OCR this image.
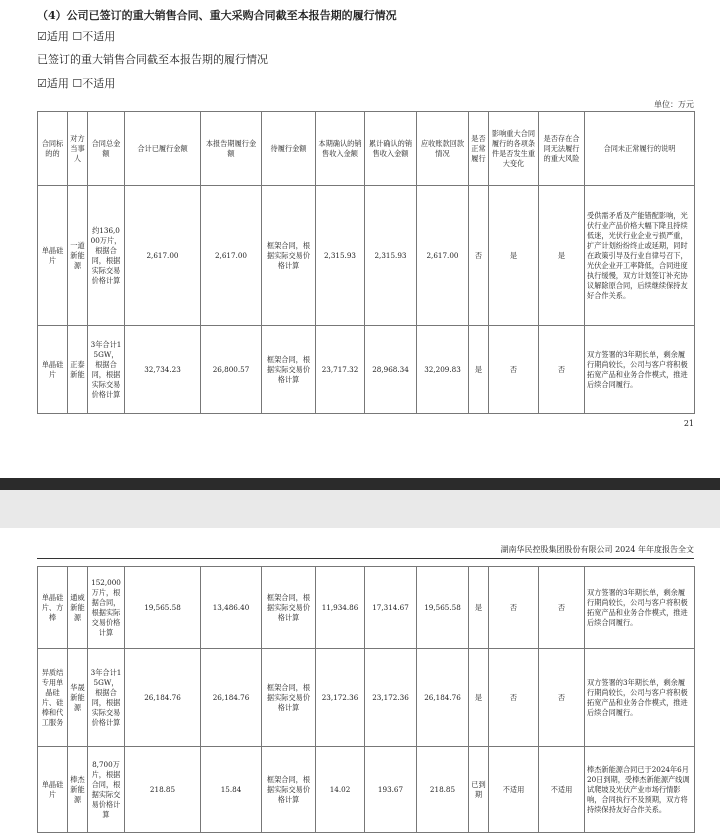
（4）公司已签订的重大销售合同、重大采购合同截至本报告期的履行情况
☑适用 ☐不适用
已签订的重大销售合同截至本报告期的履行情况
☑适用 ☐不适用
单位：万元
合同标的的	对方当事人	合同总金额	合计已履行金额	本报告期履行金额	待履行金额	本期确认的销售收入金额	累计确认的销售收入金额	应收账款回款情况	是否正常履行	影响重大合同履行的各项条件是否发生重大变化	是否存在合同无法履行的重大风险	合同未正常履行的说明
单晶硅片	一道新能源	约136,000万片，根据合同，根据实际交易价格计算	2,617.00	2,617.00	框架合同，根据实际交易价格计算	2,315.93	2,315.93	2,617.00	否	是	是	受供需矛盾及产能错配影响，光伏行业产品价格大幅下降且持续低迷，光伏行业企业亏损严重，扩产计划纷纷终止或延期，同时在政策引导及行业自律号召下，光伏企业开工率降低，合同进度执行缓慢，双方计划签订补充协议解除原合同，后续继续保持友好合作关系。
单晶硅片	正泰新能	3年合计15GW，根据合同，根据实际交易价格计算	32,734.23	26,800.57	框架合同，根据实际交易价格计算	23,717.32	28,968.34	32,209.83	是	否	否	双方签署的3年期长单，剩余履行期尚较长，公司与客户将积极拓宽产品和业务合作模式，推进后续合同履行。
21
湖南华民控股集团股份有限公司 2024 年年度报告全文
单晶硅片、方棒	通威新能源	152,000万片，根据合同，根据实际交易价格计算	19,565.58	13,486.40	框架合同，根据实际交易价格计算	11,934.86	17,314.67	19,565.58	是	否	否	双方签署的3年期长单，剩余履行期尚较长，公司与客户将积极拓宽产品和业务合作模式，推进后续合同履行。
异质结专用单晶硅片、硅棒和代工服务	华晟新能源	3年合计15GW，根据合同，根据实际交易价格计算	26,184.76	26,184.76	框架合同，根据实际交易价格计算	23,172.36	23,172.36	26,184.76	是	否	否	双方签署的3年期长单，剩余履行期尚较长，公司与客户将积极拓宽产品和业务合作模式，推进后续合同履行。
单晶硅片	棒杰新能源	8,700万片，根据合同，根据实际交易价格计算	218.85	15.84	框架合同，根据实际交易价格计算	14.02	193.67	218.85	已到期	不适用	不适用	棒杰新能源合同已于2024年6月20日到期，受棒杰新能源产线调试爬坡及光伏产业市场行情影响，合同执行不及预期，双方将持续保持友好合作关系。
